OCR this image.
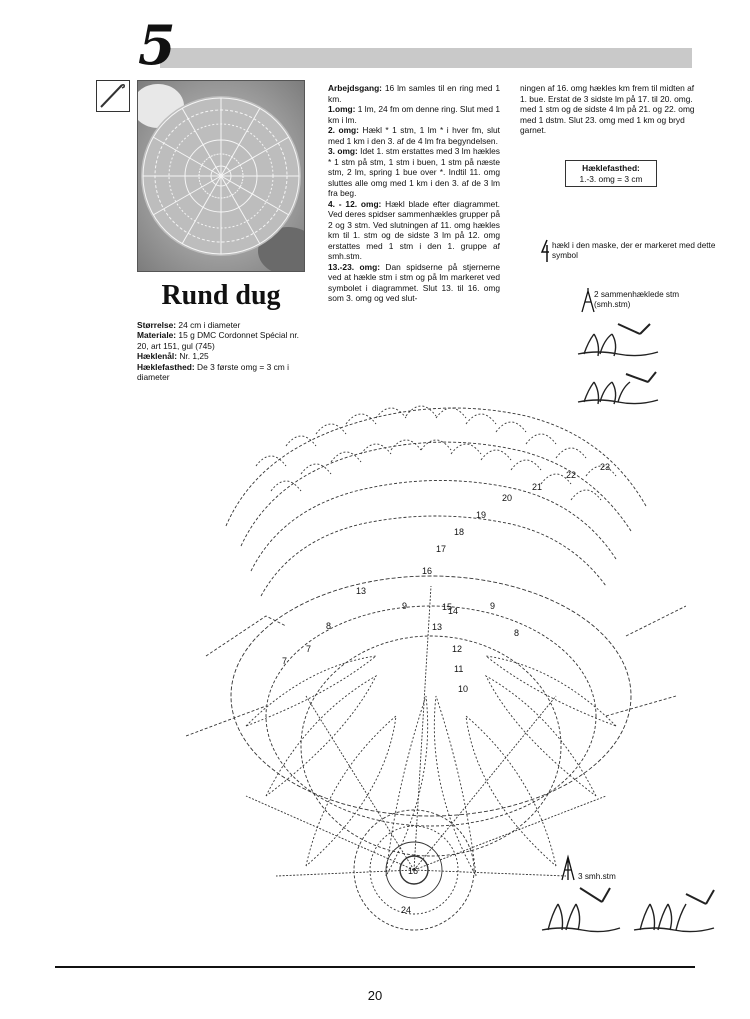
5
Rund dug
Størrelse: 24 cm i diameter
Materiale: 15 g DMC Cordonnet Spécial nr. 20, art 151, gul (745)
Hæklenål: Nr. 1,25
Hæklefasthed: De 3 første omg = 3 cm i diameter

Arbejdsgang: 16 lm samles til en ring med 1 km.

1.omg: 1 lm, 24 fm om denne ring. Slut med 1 km i lm.

2. omg: Hækl * 1 stm, 1 lm * i hver fm, slut med 1 km i den 3. af de 4 lm fra begyndelsen.

3. omg: Idet 1. stm erstattes med 3 lm hækles * 1 stm på stm, 1 stm i buen, 1 stm på næste stm, 2 lm, spring 1 bue over *. Indtil 11. omg sluttes alle omg med 1 km i den 3. af de 3 lm fra beg.

4. - 12. omg: Hækl blade efter diagrammet. Ved deres spidser sammenhækles grupper på 2 og 3 stm. Ved slutningen af 11. omg hækles km til 1. stm og de sidste 3 lm på 12. omg erstattes med 1 stm i den 1. gruppe af smh.stm.

13.-23. omg: Dan spidserne på stjernerne ved at hækle stm i stm og på lm markeret ved symbolet i diagrammet. Slut 13. til 16. omg som 3. omg og ved slut-

ningen af 16. omg hækles km frem til midten af 1. bue. Erstat de 3 sidste lm på 17. til 20. omg. med 1 stm og de sidste 4 lm på 21. og 22. omg med 1 dstm. Slut 23. omg med 1 km og bryd garnet.
Hæklefasthed:
1.-3. omg = 3 cm
hækl i den maske, der er markeret med dette symbol
2 sammenhæklede stm (smh.stm)
3 smh.stm
16
24
7
7
8
8
9	9
10
11
12
13
13
14
15
16
17
18
19
20
21
22
23
20
